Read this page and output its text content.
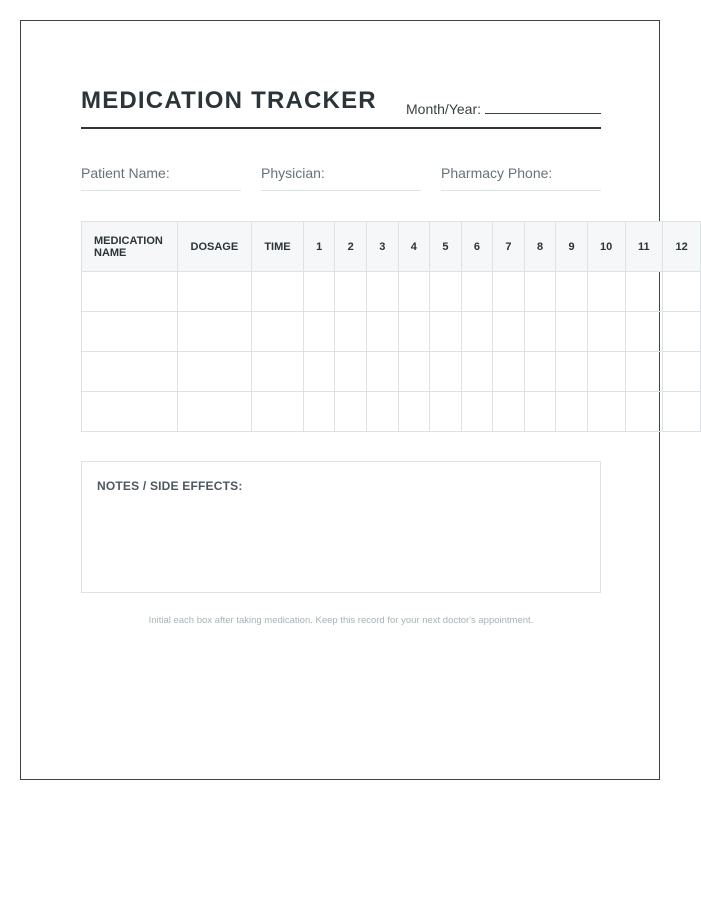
MEDICATION TRACKER Month/Year:
Patient Name:	Physician:	Pharmacy Phone:
MEDICATION NAME	DOSAGE	TIME	1	2	3	4	5	6	7	8	9	10	11	12

NOTES / SIDE EFFECTS:
Initial each box after taking medication. Keep this record for your next doctor's appointment.
